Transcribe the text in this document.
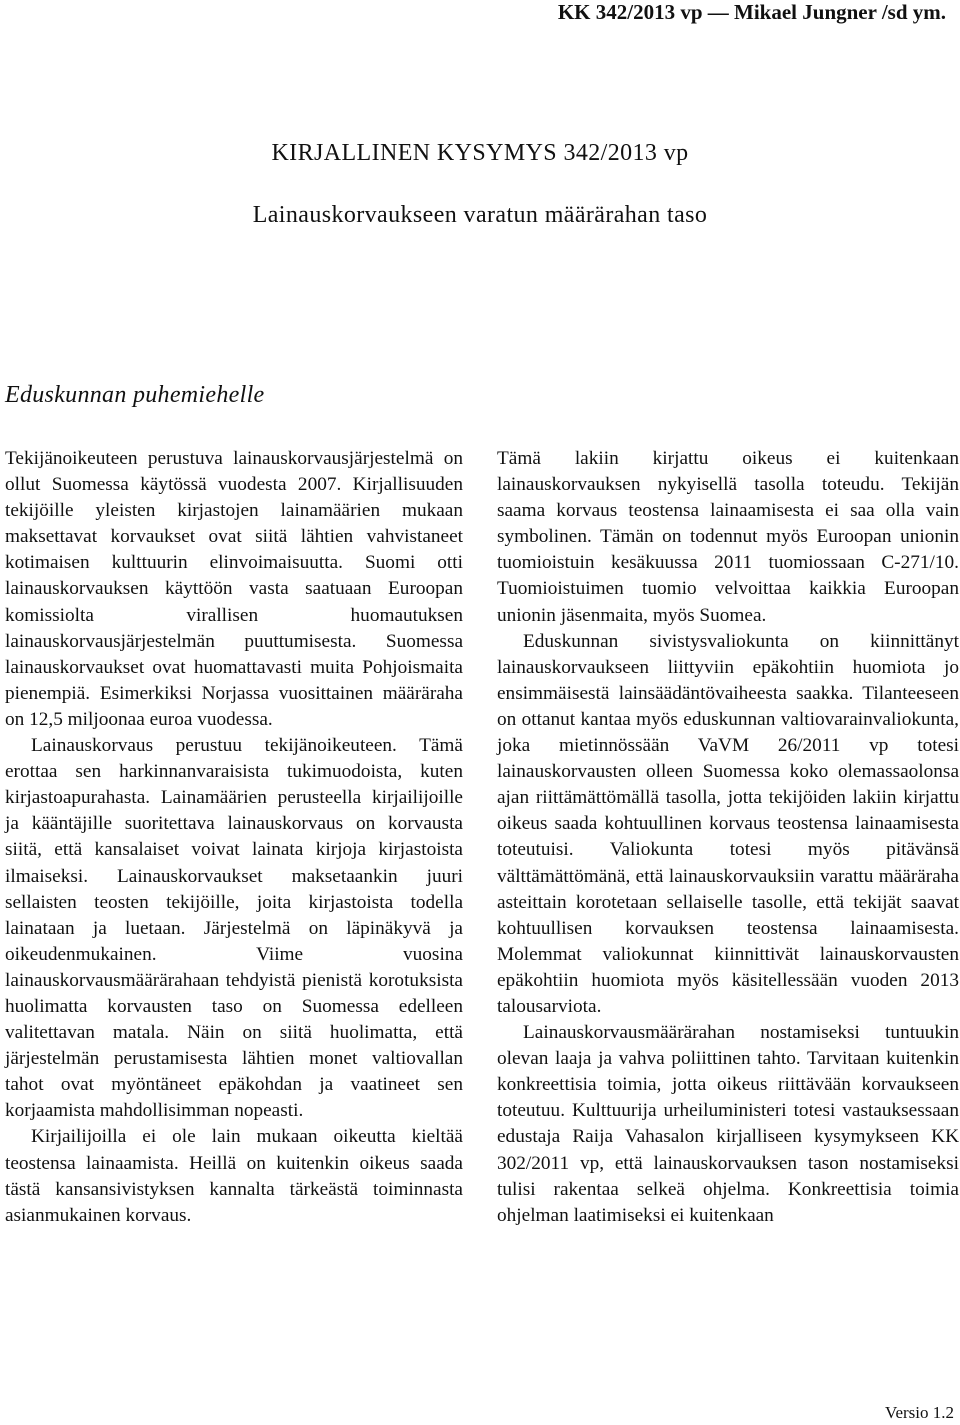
KK 342/2013 vp — Mikael Jungner /sd ym.
KIRJALLINEN KYSYMYS 342/2013 vp
Lainauskorvaukseen varatun määrärahan taso
Eduskunnan puhemiehelle

Tekijänoikeuteen perustuva lainauskorvausjärjestelmä on ollut Suomessa käytössä vuodesta 2007. Kirjallisuuden tekijöille yleisten kirjastojen lainamäärien mukaan maksettavat korvaukset ovat siitä lähtien vahvistaneet kotimaisen kulttuurin elinvoimaisuutta. Suomi otti lainauskorvauksen käyttöön vasta saatuaan Euroopan komissiolta virallisen huomautuksen lainauskorvausjärjestelmän puuttumisesta. Suomessa lainauskorvaukset ovat huomattavasti muita Pohjoismaita pienempiä. Esimerkiksi Norjassa vuosittainen määräraha on 12,5 miljoonaa euroa vuodessa.

Lainauskorvaus perustuu tekijänoikeuteen. Tämä erottaa sen harkinnanvaraisista tukimuodoista, kuten kirjastoapurahasta. Lainamäärien perusteella kirjailijoille ja kääntäjille suoritettava lainauskorvaus on korvausta siitä, että kansalaiset voivat lainata kirjoja kirjastoista ilmaiseksi. Lainauskorvaukset maksetaankin juuri sellaisten teosten tekijöille, joita kirjastoista todella lainataan ja luetaan. Järjestelmä on läpinäkyvä ja oikeudenmukainen. Viime vuosina lainauskorvausmäärärahaan tehdyistä pienistä korotuksista huolimatta korvausten taso on Suomessa edelleen valitettavan matala. Näin on siitä huolimatta, että järjestelmän perustamisesta lähtien monet valtiovallan tahot ovat myöntäneet epäkohdan ja vaatineet sen korjaamista mahdollisimman nopeasti.

Kirjailijoilla ei ole lain mukaan oikeutta kieltää teostensa lainaamista. Heillä on kuitenkin oikeus saada tästä kansansivistyksen kannalta tärkeästä toiminnasta asianmukainen korvaus.

Tämä lakiin kirjattu oikeus ei kuitenkaan lainauskorvauksen nykyisellä tasolla toteudu. Tekijän saama korvaus teostensa lainaamisesta ei saa olla vain symbolinen. Tämän on todennut myös Euroopan unionin tuomioistuin kesäkuussa 2011 tuomiossaan C-271/10. Tuomioistuimen tuomio velvoittaa kaikkia Euroopan unionin jäsenmaita, myös Suomea.

Eduskunnan sivistysvaliokunta on kiinnittänyt lainauskorvaukseen liittyviin epäkohtiin huomiota jo ensimmäisestä lainsäädäntövaiheesta saakka. Tilanteeseen on ottanut kantaa myös eduskunnan valtiovarainvaliokunta, joka mietinnössään VaVM 26/2011 vp totesi lainauskorvausten olleen Suomessa koko olemassaolonsa ajan riittämättömällä tasolla, jotta tekijöiden lakiin kirjattu oikeus saada kohtuullinen korvaus teostensa lainaamisesta toteutuisi. Valiokunta totesi myös pitävänsä välttämättömänä, että lainauskorvauksiin varattu määräraha asteittain korotetaan sellaiselle tasolle, että tekijät saavat kohtuullisen korvauksen teostensa lainaamisesta. Molemmat valiokunnat kiinnittivät lainauskorvausten epäkohtiin huomiota myös käsitellessään vuoden 2013 talousarviota.

Lainauskorvausmäärärahan nostamiseksi tuntuukin olevan laaja ja vahva poliittinen tahto. Tarvitaan kuitenkin konkreettisia toimia, jotta oikeus riittävään korvaukseen toteutuu. Kulttuurija urheiluministeri totesi vastauksessaan edustaja Raija Vahasalon kirjalliseen kysymykseen KK 302/2011 vp, että lainauskorvauksen tason nostamiseksi tulisi rakentaa selkeä ohjelma. Konkreettisia toimia ohjelman laatimiseksi ei kuitenkaan

Versio 1.2
